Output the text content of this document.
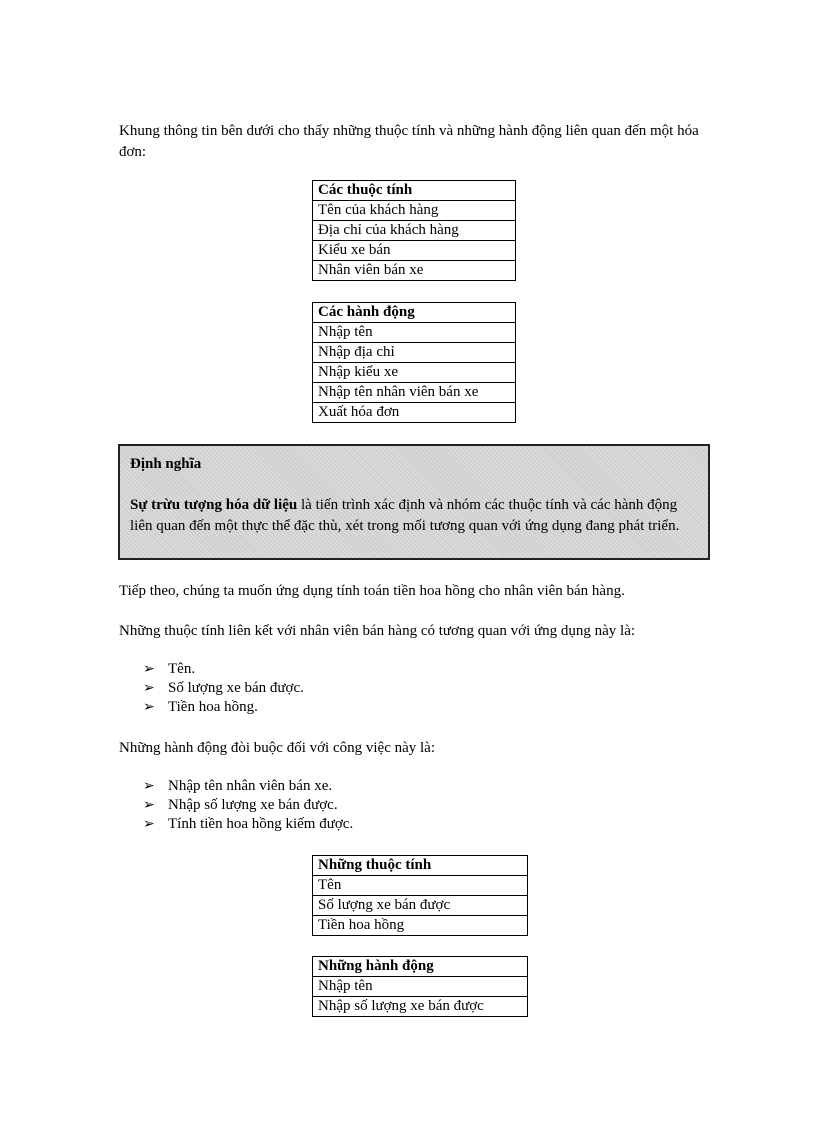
Khung thông tin bên dưới cho thấy những thuộc tính và những hành động liên quan đến một hóa đơn:

Các thuộc tính
Tên của khách hàng
Địa chỉ của khách hàng
Kiểu xe bán
Nhân viên bán xe
Các hành động
Nhập tên
Nhập địa chỉ
Nhập kiểu xe
Nhập tên nhân viên bán xe
Xuất hóa đơn

Định nghĩa

Sự trừu tượng hóa dữ liệu là tiến trình xác định và nhóm các thuộc tính và các hành động liên quan đến một thực thể đặc thù, xét trong mối tương quan với ứng dụng đang phát triển.

Tiếp theo, chúng ta muốn ứng dụng tính toán tiền hoa hồng cho nhân viên bán hàng.

Những thuộc tính liên kết với nhân viên bán hàng có tương quan với ứng dụng này là:

➢ Tên.
➢ Số lượng xe bán được.
➢ Tiền hoa hồng.

Những hành động đòi buộc đối với công việc này là:

➢ Nhập tên nhân viên bán xe.
➢ Nhập số lượng xe bán được.
➢ Tính tiền hoa hồng kiếm được.
Những thuộc tính
Tên
Số lượng xe bán được
Tiền hoa hồng
Những hành động
Nhập tên
Nhập số lượng xe bán được
